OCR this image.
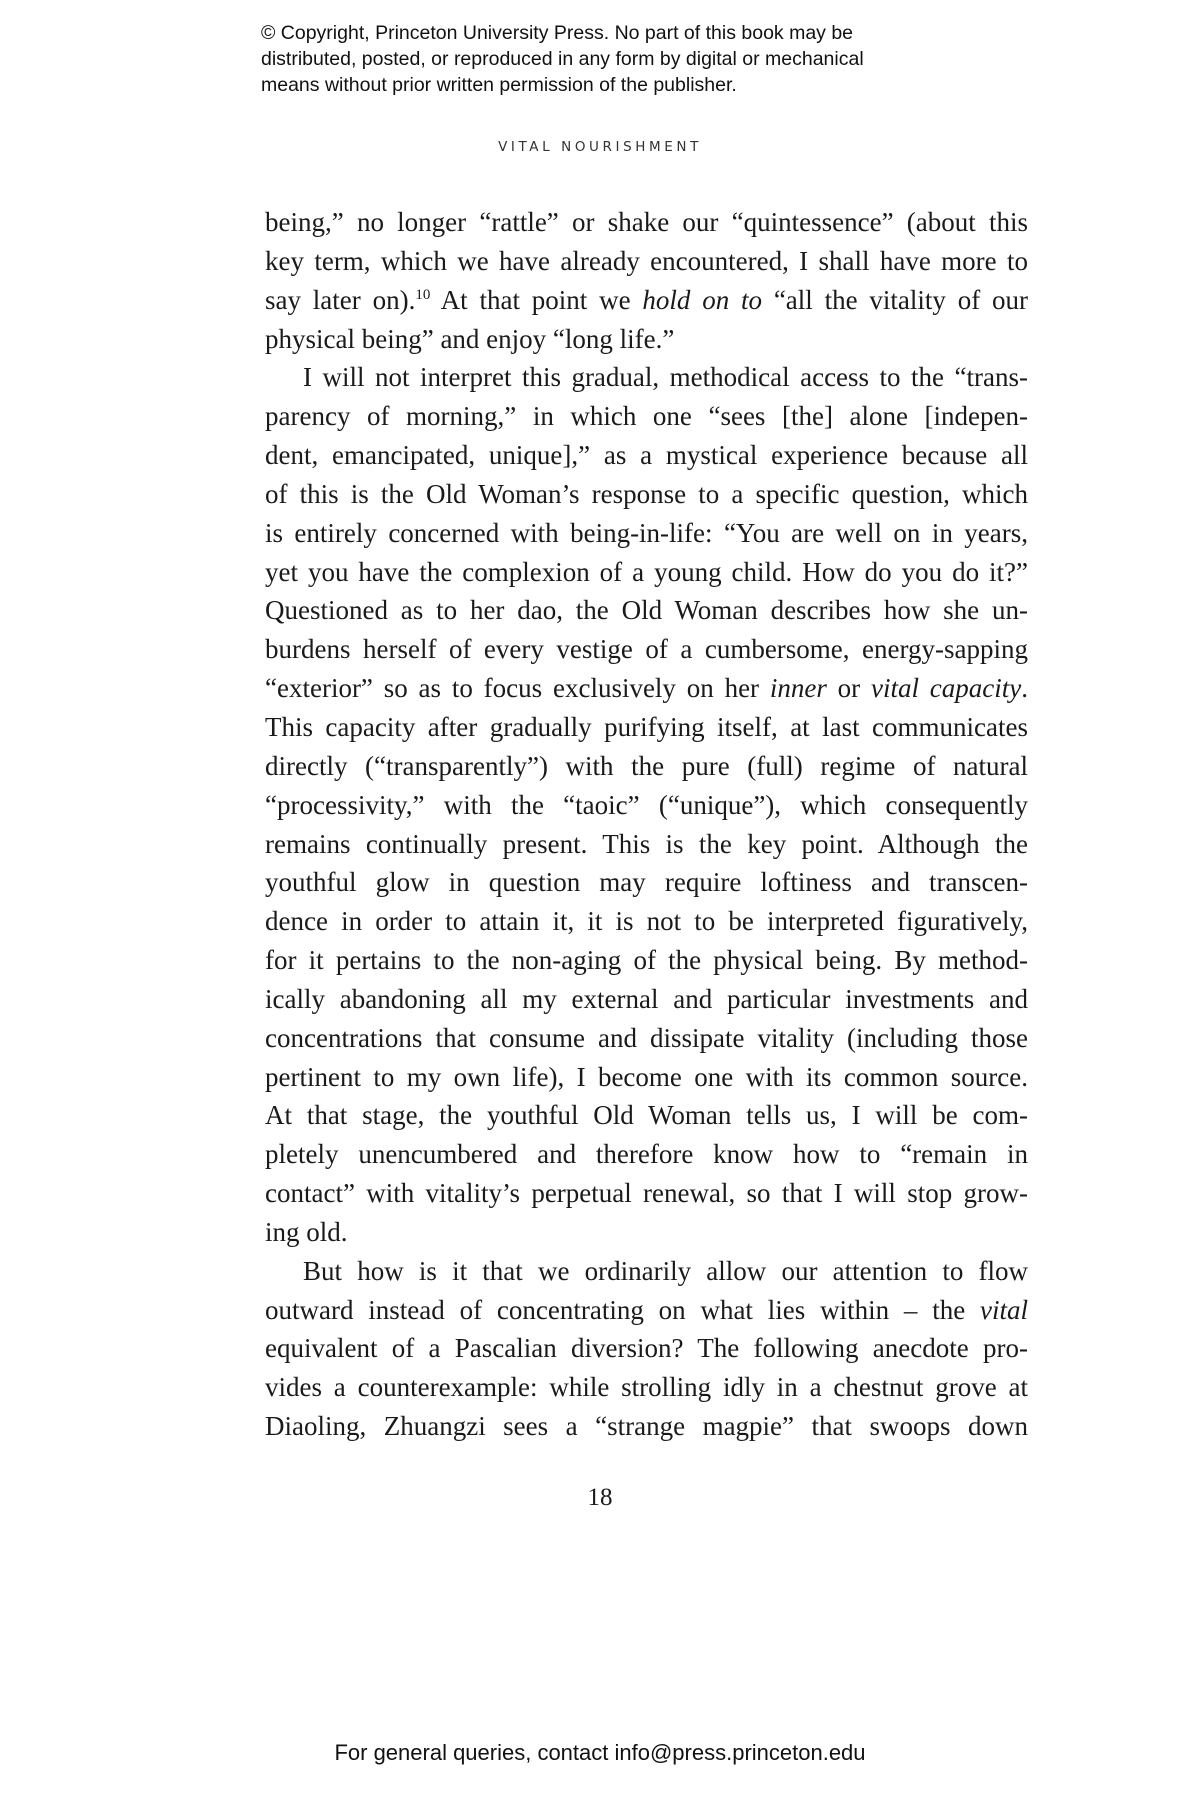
© Copyright, Princeton University Press. No part of this book may be
distributed, posted, or reproduced in any form by digital or mechanical
means without prior written permission of the publisher.
VITAL NOURISHMENT
being,” no longer “rattle” or shake our “quintessence” (about this
key term, which we have already encountered, I shall have more to
say later on).$^{10}$ At that point we hold on to “all the vitality of our
physical being” and enjoy “long life.”
I will not interpret this gradual, methodical access to the “trans-
parency of morning,” in which one “sees [the] alone [indepen-
dent, emancipated, unique],” as a mystical experience because all
of this is the Old Woman’s response to a specific question, which
is entirely concerned with being-in-life: “You are well on in years,
yet you have the complexion of a young child. How do you do it?”
Questioned as to her dao, the Old Woman describes how she un-
burdens herself of every vestige of a cumbersome, energy-sapping
“exterior” so as to focus exclusively on her inner or vital capacity.
This capacity after gradually purifying itself, at last communicates
directly (“transparently”) with the pure (full) regime of natural
“processivity,” with the “taoic” (“unique”), which consequently
remains continually present. This is the key point. Although the
youthful glow in question may require loftiness and transcen-
dence in order to attain it, it is not to be interpreted figuratively,
for it pertains to the non-aging of the physical being. By method-
ically abandoning all my external and particular investments and
concentrations that consume and dissipate vitality (including those
pertinent to my own life), I become one with its common source.
At that stage, the youthful Old Woman tells us, I will be com-
pletely unencumbered and therefore know how to “remain in
contact” with vitality’s perpetual renewal, so that I will stop grow-
ing old.
But how is it that we ordinarily allow our attention to flow
outward instead of concentrating on what lies within – the vital
equivalent of a Pascalian diversion? The following anecdote pro-
vides a counterexample: while strolling idly in a chestnut grove at
Diaoling, Zhuangzi sees a “strange magpie” that swoops down
18
For general queries, contact info@press.princeton.edu
